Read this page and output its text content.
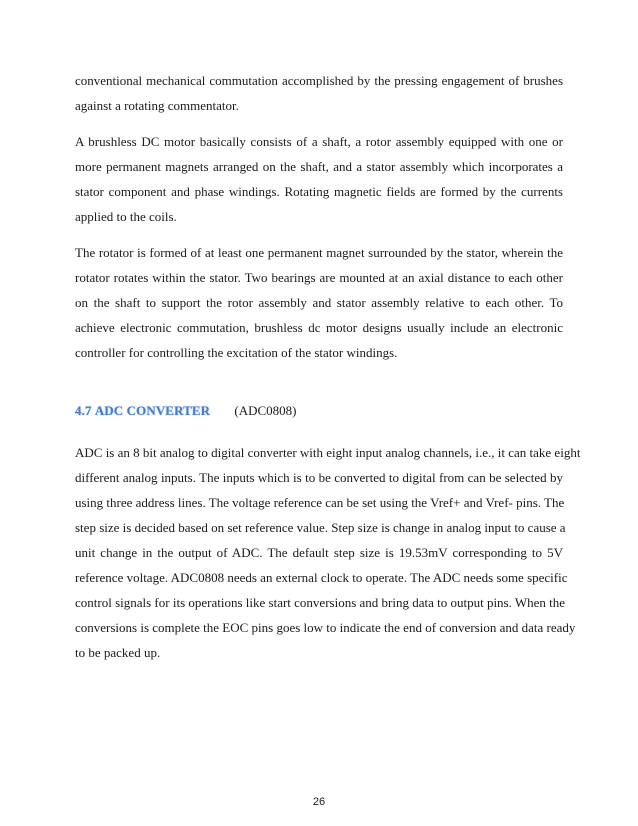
conventional mechanical commutation accomplished by the pressing engagement of brushes against a rotating commentator.

A brushless DC motor basically consists of a shaft, a rotor assembly equipped with one or more permanent magnets arranged on the shaft, and a stator assembly which incorporates a stator component and phase windings. Rotating magnetic fields are formed by the currents applied to the coils.

The rotator is formed of at least one permanent magnet surrounded by the stator, wherein the rotator rotates within the stator. Two bearings are mounted at an axial distance to each other on the shaft to support the rotor assembly and stator assembly relative to each other. To achieve electronic commutation, brushless dc motor designs usually include an electronic controller for controlling the excitation of the stator windings.

4.7 ADC CONVERTER (ADC0808)
ADC is an 8 bit analog to digital converter with eight input analog channels, i.e., it can take eight
different analog inputs. The inputs which is to be converted to digital from can be selected by
using three address lines. The voltage reference can be set using the Vref+ and Vref- pins. The
step size is decided based on set reference value. Step size is change in analog input to cause a
unit change in the output of ADC. The default step size is 19.53mV corresponding to 5V
reference voltage. ADC0808 needs an external clock to operate. The ADC needs some specific
control signals for its operations like start conversions and bring data to output pins. When the
conversions is complete the EOC pins goes low to indicate the end of conversion and data ready
to be packed up.
26
